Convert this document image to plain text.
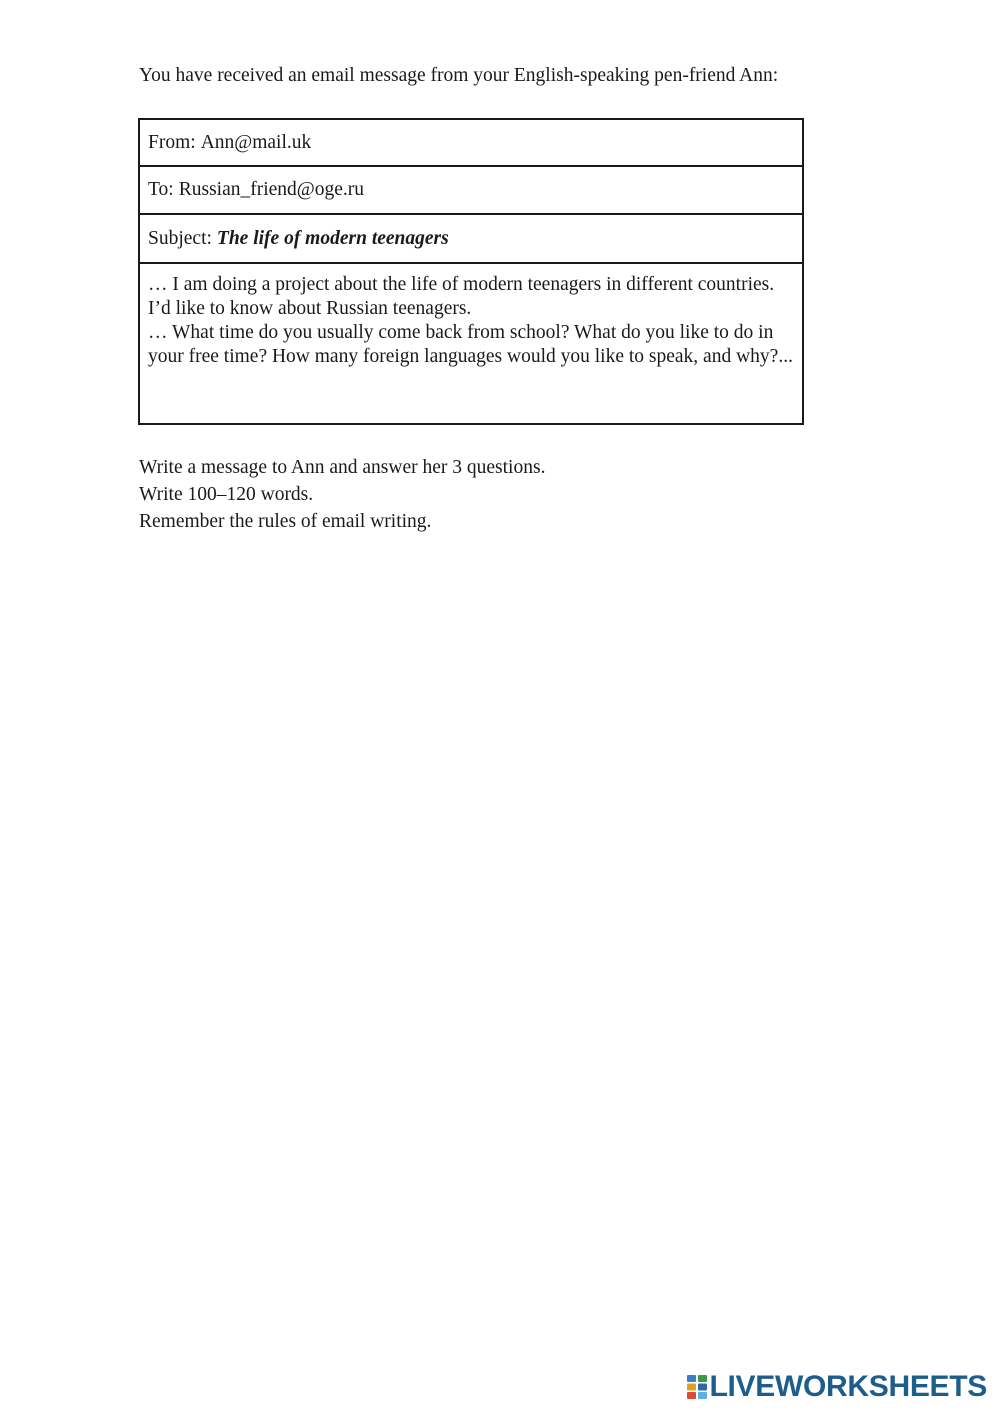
You have received an email message from your English-speaking pen-friend Ann:

From: Ann@mail.uk
To: Russian_friend@oge.ru
Subject: The life of modern teenagers

… I am doing a project about the life of modern teenagers in different countries. I’d like to know about Russian teenagers.

… What time do you usually come back from school? What do you like to do in your free time? How many foreign languages would you like to speak, and why?...

Write a message to Ann and answer her 3 questions.

Write 100–120 words.

Remember the rules of email writing.

LIVEWORKSHEETS
